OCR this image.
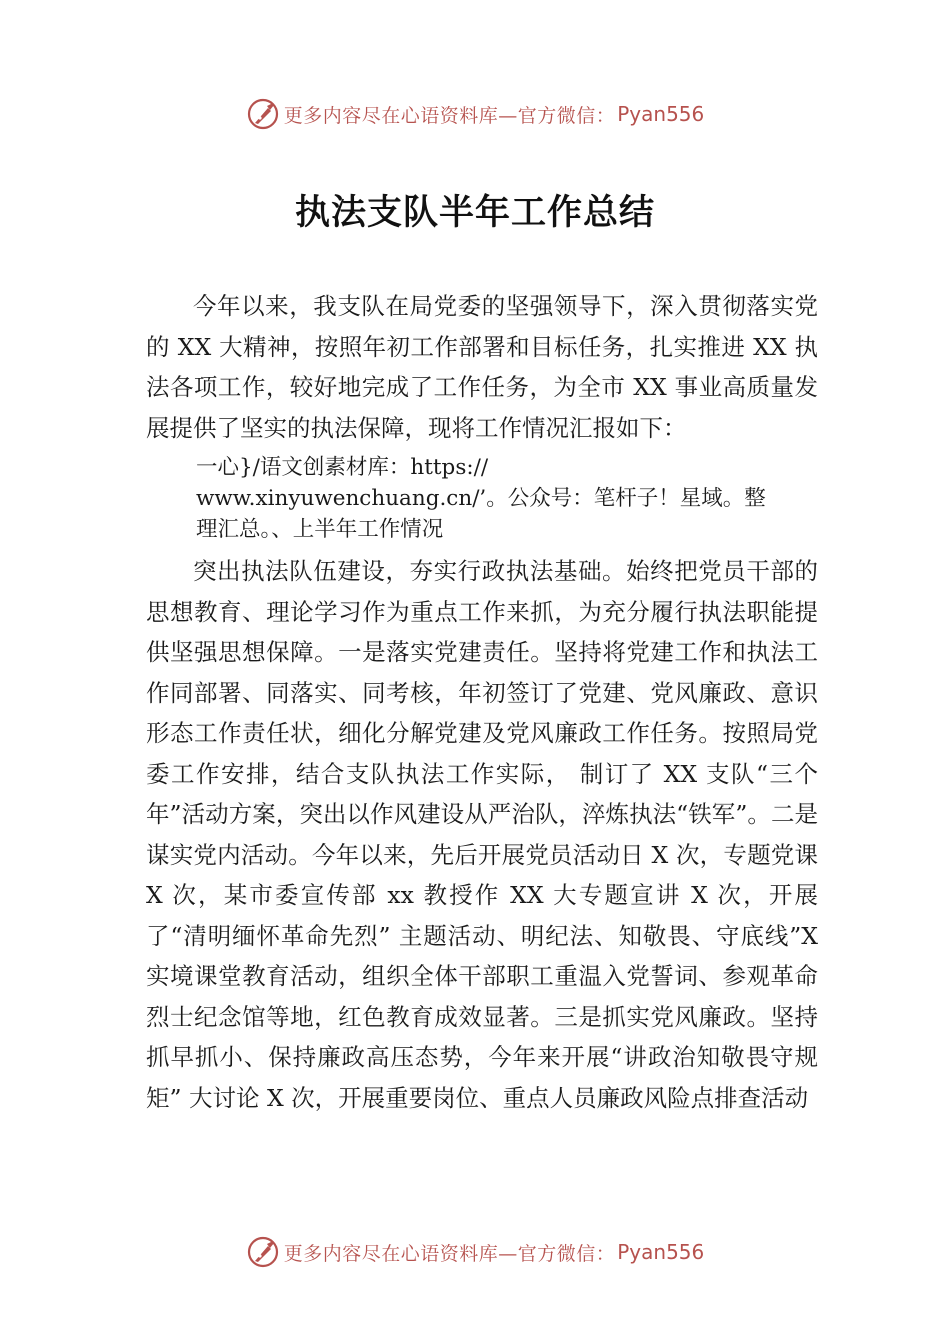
更多内容尽在心语资料库—官方微信： Pyan556
执法支队半年工作总结

今年以来，我支队在局党委的坚强领导下，深入贯彻落实党的 XX 大精神，按照年初工作部署和目标任务，扎实推进 XX 执法各项工作，较好地完成了工作任务，为全市 XX 事业高质量发展提供了坚实的执法保障，现将工作情况汇报如下：

一心}/语文创素材库：https://
www.xinyuwenchuang.cn/’。公众号：笔杆子！星域。整
理汇总。、上半年工作情况

突出执法队伍建设，夯实行政执法基础。始终把党员干部的思想教育、理论学习作为重点工作来抓，为充分履行执法职能提供坚强思想保障。一是落实党建责任。坚持将党建工作和执法工作同部署、同落实、同考核，年初签订了党建、党风廉政、意识形态工作责任状，细化分解党建及党风廉政工作任务。按照局党委工作安排，结合支队执法工作实际， 制订了 XX 支队“三个年”活动方案，突出以作风建设从严治队，淬炼执法“铁军”。二是谋实党内活动。今年以来，先后开展党员活动日 X 次，专题党课 X 次，某市委宣传部 xx 教授作 XX 大专题宣讲 X 次，开展了“清明缅怀革命先烈” 主题活动、明纪法、知敬畏、守底线”X 实境课堂教育活动，组织全体干部职工重温入党誓词、参观革命烈士纪念馆等地，红色教育成效显著。三是抓实党风廉政。坚持抓早抓小、保持廉政高压态势，今年来开展“讲政治知敬畏守规矩” 大讨论 X 次，开展重要岗位、重点人员廉政风险点排查活动

更多内容尽在心语资料库—官方微信： Pyan556
